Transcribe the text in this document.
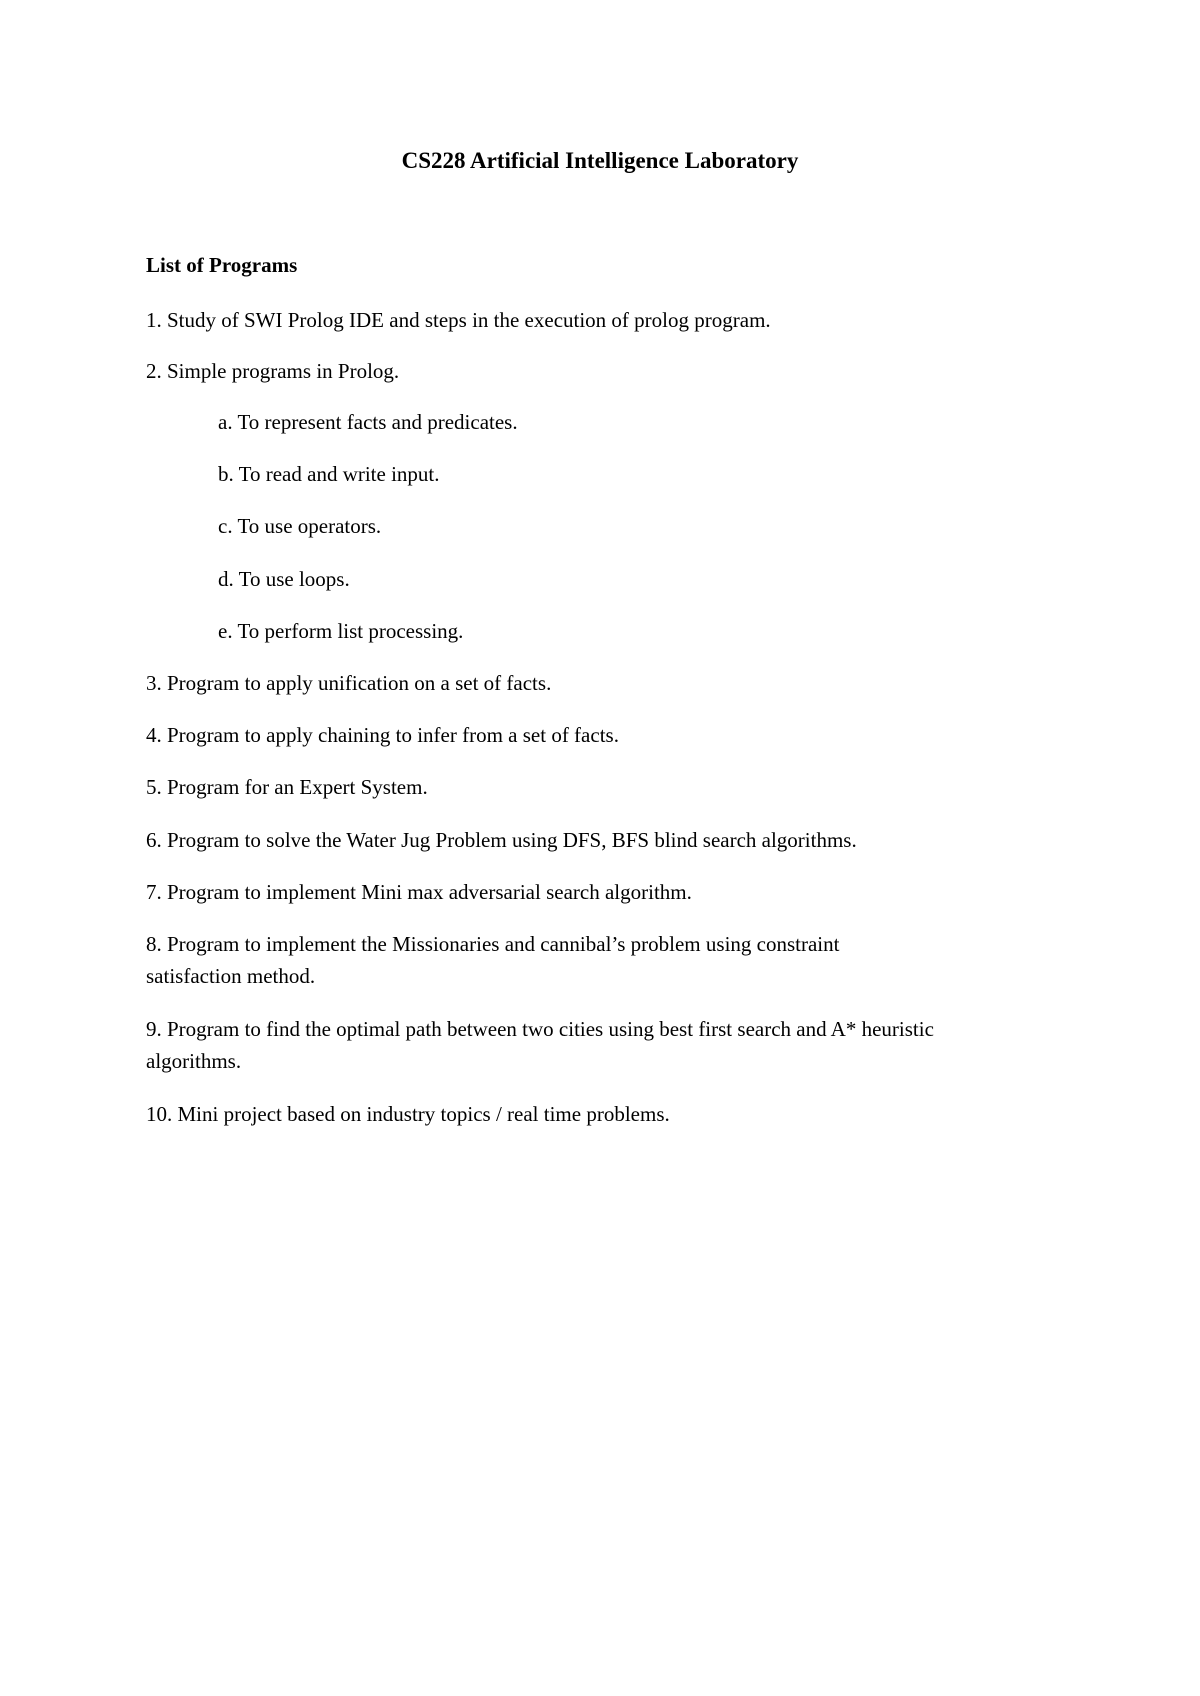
CS228 Artificial Intelligence Laboratory
List of Programs

1. Study of SWI Prolog IDE and steps in the execution of prolog program.

2. Simple programs in Prolog.

a. To represent facts and predicates.

b. To read and write input.

c. To use operators.

d. To use loops.

e. To perform list processing.

3. Program to apply unification on a set of facts.

4. Program to apply chaining to infer from a set of facts.

5. Program for an Expert System.

6. Program to solve the Water Jug Problem using DFS, BFS blind search algorithms.

7. Program to implement Mini max adversarial search algorithm.

8. Program to implement the Missionaries and cannibal’s problem using constraint

satisfaction method.

9. Program to find the optimal path between two cities using best first search and A* heuristic

algorithms.

10. Mini project based on industry topics / real time problems.
